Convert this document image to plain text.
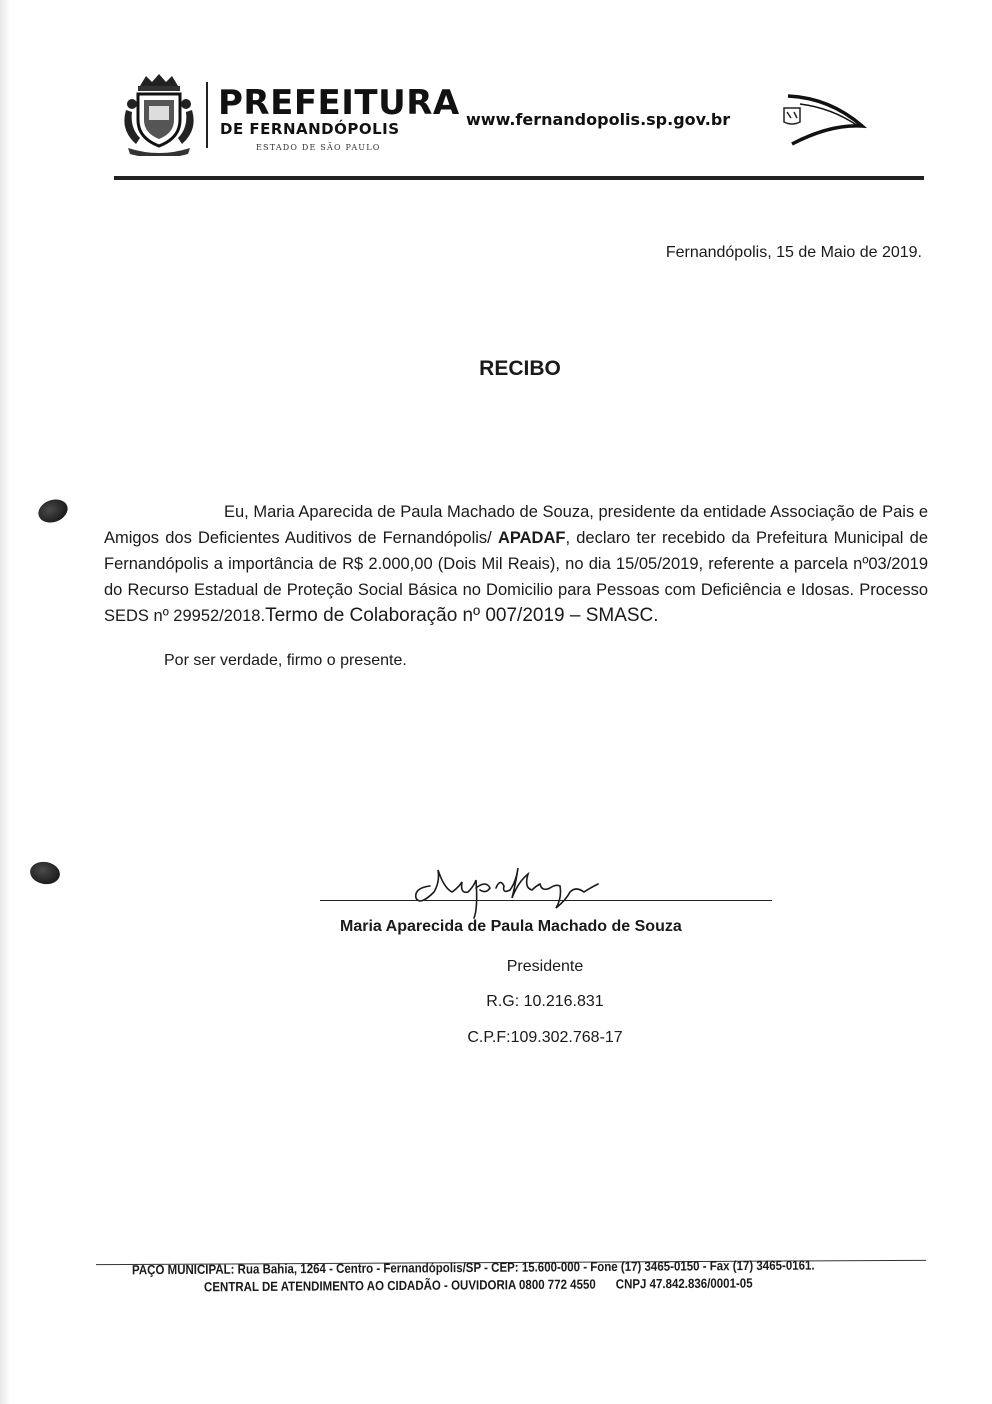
PREFEITURA
DE FERNANDÓPOLIS
ESTADO DE SÃO PAULO
www.fernandopolis.sp.gov.br
Fernandópolis, 15 de Maio de 2019.
RECIBO

Eu, Maria Aparecida de Paula Machado de Souza, presidente da entidade Associação de Pais e Amigos dos Deficientes Auditivos de Fernandópolis/ APADAF, declaro ter recebido da Prefeitura Municipal de Fernandópolis a importância de R$ 2.000,00 (Dois Mil Reais), no dia 15/05/2019, referente a parcela nº03/2019 do Recurso Estadual de Proteção Social Básica no Domicilio para Pessoas com Deficiência e Idosas. Processo SEDS nº 29952/2018.Termo de Colaboração nº 007/2019 – SMASC.

Por ser verdade, firmo o presente.
Maria Aparecida de Paula Machado de Souza
Presidente
R.G: 10.216.831
C.P.F:109.302.768-17
PAÇO MUNICIPAL: Rua Bahia, 1264 - Centro - Fernandópolis/SP - CEP: 15.600-000 - Fone (17) 3465-0150 - Fax (17) 3465-0161.
CENTRAL DE ATENDIMENTO AO CIDADÃO - OUVIDORIA 0800 772 4550 CNPJ 47.842.836/0001-05
